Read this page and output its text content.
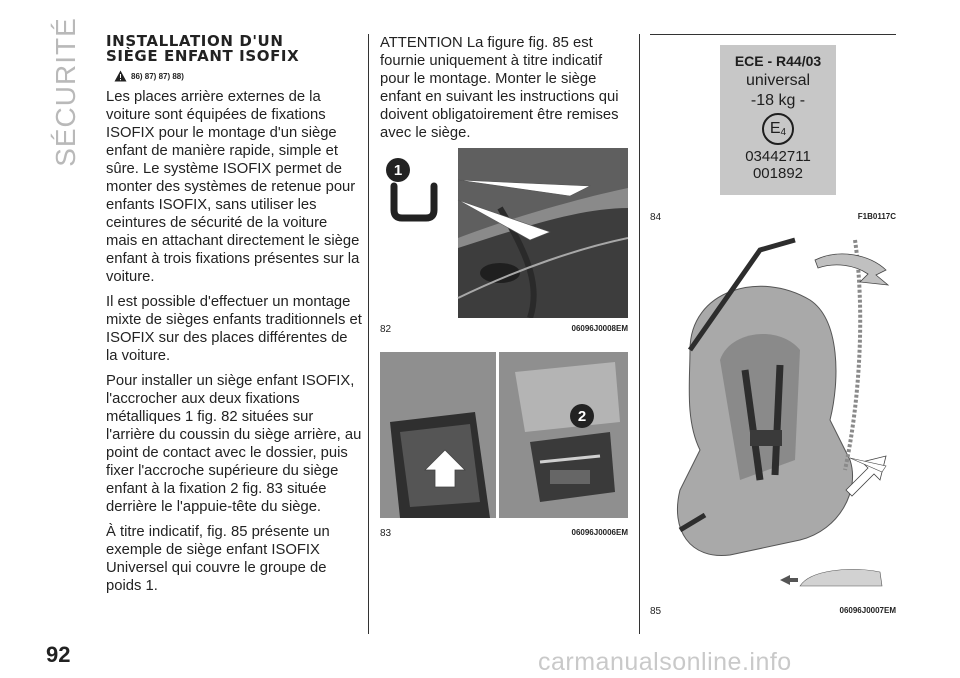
SÉCURITÉ INSTALLATION D'UN
SIÈGE ENFANT ISOFIX
86) 87) 87) 88)

Les places arrière externes de la voiture sont équipées de fixations ISOFIX pour le montage d'un siège enfant de manière rapide, simple et sûre. Le système ISOFIX permet de monter des systèmes de retenue pour enfants ISOFIX, sans utiliser les ceintures de sécurité de la voiture mais en attachant directement le siège enfant à trois fixations présentes sur la voiture.

Il est possible d'effectuer un montage mixte de sièges enfants traditionnels et ISOFIX sur des places différentes de la voiture.

Pour installer un siège enfant ISOFIX, l'accrocher aux deux fixations métalliques 1 fig. 82 situées sur l'arrière du coussin du siège arrière, au point de contact avec le dossier, puis fixer l'accroche supérieure du siège enfant à la fixation 2 fig. 83 située derrière le l'appuie-tête du siège.

À titre indicatif, fig. 85 présente un exemple de siège enfant ISOFIX Universel qui couvre le groupe de poids 1.

ATTENTION La figure fig. 85 est fournie uniquement à titre indicatif pour le montage. Monter le siège enfant en suivant les instructions qui doivent obligatoirement être remises avec le siège.

1
82	06096J0008EM
2
83	06096J0006EM
ECE - R44/03
universal
-18 kg -
E 4
03442711
001892
84	F1B0117C
85	06096J0007EM
92	carmanualsonline.info
